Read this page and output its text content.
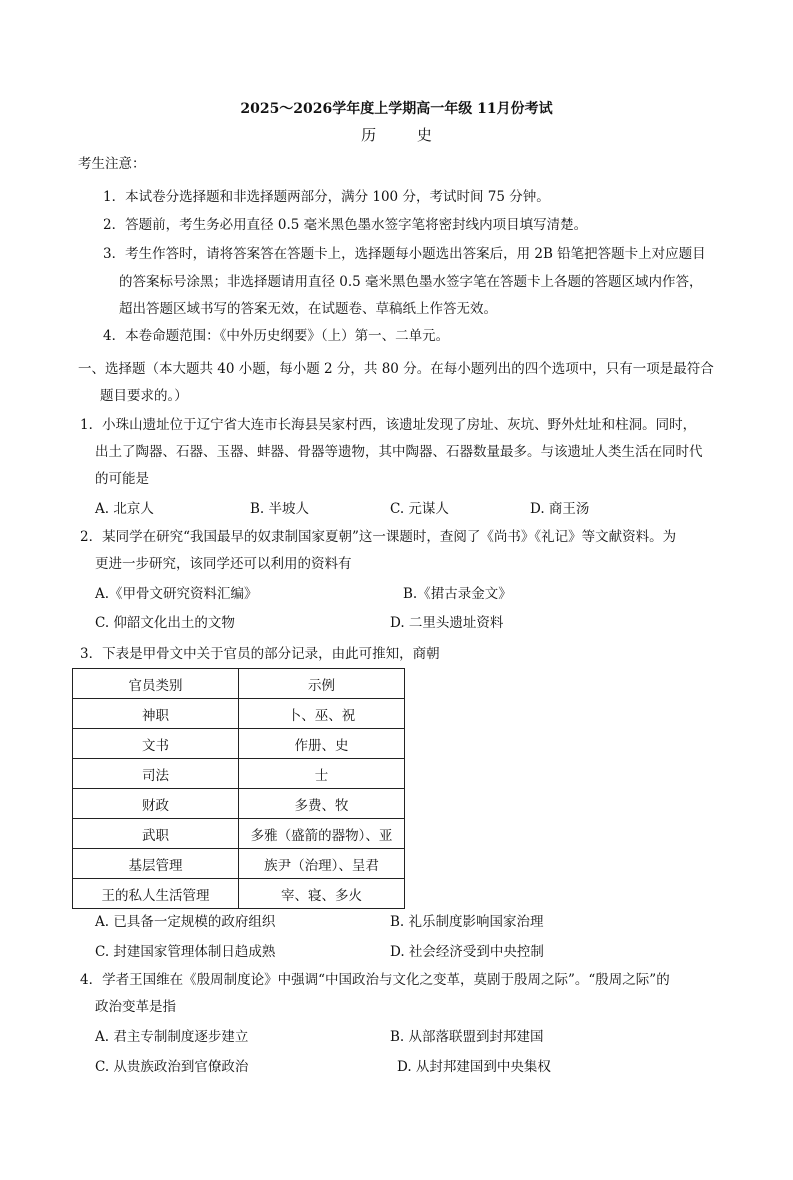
2025～2026学年度上学期高一年级 11月份考试
历 史
考生注意：
1．本试卷分选择题和非选择题两部分，满分 100 分，考试时间 75 分钟。
2．答题前，考生务必用直径 0.5 毫米黑色墨水签字笔将密封线内项目填写清楚。
3．考生作答时，请将答案答在答题卡上，选择题每小题选出答案后，用 2B 铅笔把答题卡上对应题目
的答案标号涂黑；非选择题请用直径 0.5 毫米黑色墨水签字笔在答题卡上各题的答题区域内作答，
超出答题区域书写的答案无效，在试题卷、草稿纸上作答无效。
4．本卷命题范围：《中外历史纲要》（上）第一、二单元。
一、选择题（本大题共 40 小题，每小题 2 分，共 80 分。在每小题列出的四个选项中，只有一项是最符合
题目要求的。）
1．小珠山遗址位于辽宁省大连市长海县吴家村西，该遗址发现了房址、灰坑、野外灶址和柱洞。同时，
出土了陶器、石器、玉器、蚌器、骨器等遗物，其中陶器、石器数量最多。与该遗址人类生活在同时代
的可能是
A. 北京人	B. 半坡人	C. 元谋人	D. 商王汤
2．某同学在研究“我国最早的奴隶制国家夏朝”这一课题时，查阅了《尚书》《礼记》等文献资料。为
更进一步研究，该同学还可以利用的资料有
A.《甲骨文研究资料汇编》	B.《捃古录金文》
C. 仰韶文化出土的文物	D. 二里头遗址资料
3．下表是甲骨文中关于官员的部分记录，由此可推知，商朝
官员类别	示例
神职	卜、巫、祝
文书	作册、史
司法	士
财政	多费、牧
武职	多雅（盛箭的器物）、亚
基层管理	族尹（治理）、呈君
王的私人生活管理	宰、寝、多火
A. 已具备一定规模的政府组织	B. 礼乐制度影响国家治理
C. 封建国家管理体制日趋成熟	D. 社会经济受到中央控制
4．学者王国维在《殷周制度论》中强调“中国政治与文化之变革，莫剧于殷周之际”。“殷周之际”的
政治变革是指
A. 君主专制制度逐步建立	B. 从部落联盟到封邦建国
C. 从贵族政治到官僚政治	D. 从封邦建国到中央集权
